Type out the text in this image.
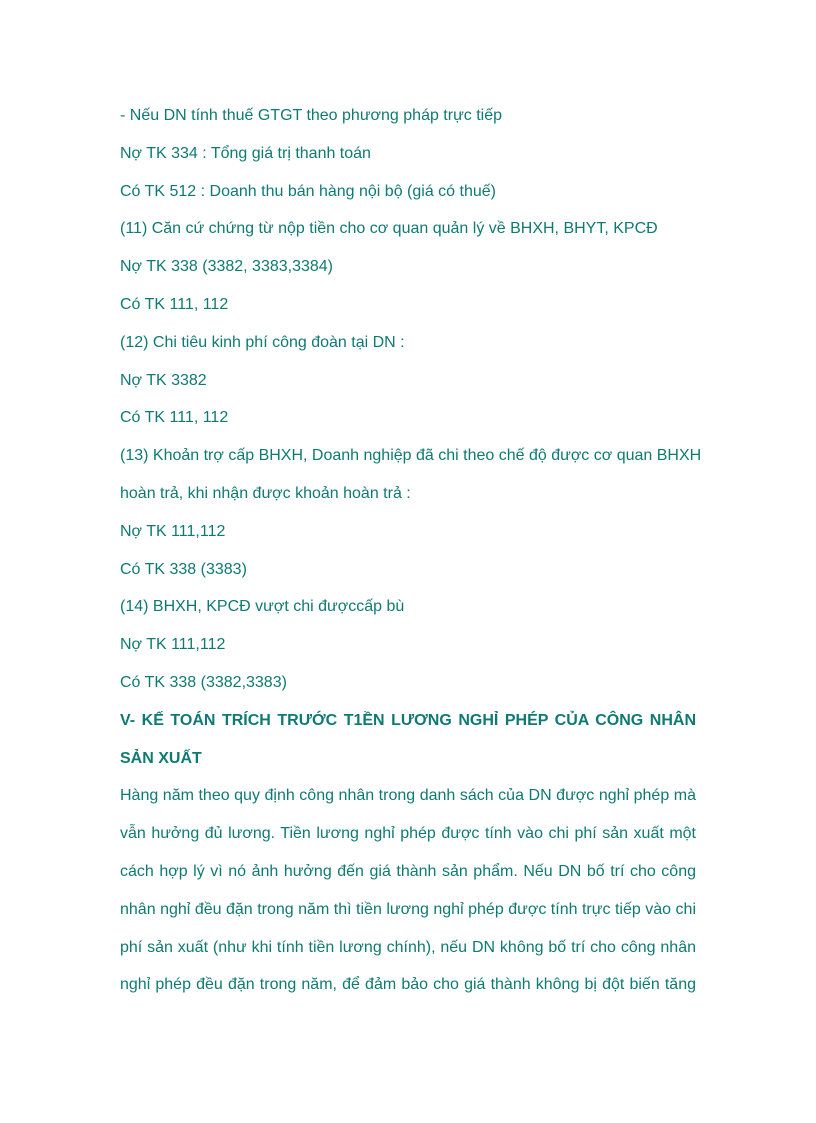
- Nếu DN tính thuế GTGT theo phương pháp trực tiếp
Nợ TK 334 : Tổng giá trị thanh toán
Có TK 512 : Doanh thu bán hàng nội bộ (giá có thuế)
(11) Căn cứ chứng từ nộp tiền cho cơ quan quản lý về BHXH, BHYT, KPCĐ
Nợ TK 338 (3382, 3383,3384)
Có TK 111, 112
(12) Chi tiêu kinh phí công đoàn tại DN :
Nợ TK 3382
Có TK 111, 112
(13) Khoản trợ cấp BHXH, Doanh nghiệp đã chi theo chế độ được cơ quan BHXH
hoàn trả, khi nhận được khoản hoàn trả :
Nợ TK 111,112
Có TK 338 (3383)
(14) BHXH, KPCĐ vượt chi đượccấp bù
Nợ TK 111,112
Có TK 338 (3382,3383)
V- KẾ TOÁN TRÍCH TRƯỚC T1ỀN LƯƠNG NGHỈ PHÉP CỦA CÔNG NHÂN
SẢN XUẤT
Hàng năm theo quy định công nhân trong danh sách của DN được nghỉ phép mà
vẫn hưởng đủ lương. Tiền lương nghỉ phép được tính vào chi phí sản xuất một
cách hợp lý vì nó ảnh hưởng đến giá thành sản phẩm. Nếu DN bố trí cho công
nhân nghỉ đều đặn trong năm thì tiền lương nghỉ phép được tính trực tiếp vào chi
phí sản xuất (như khi tính tiền lương chính), nếu DN không bố trí cho công nhân
nghỉ phép đều đặn trong năm, để đảm bảo cho giá thành không bị đột biến tăng
